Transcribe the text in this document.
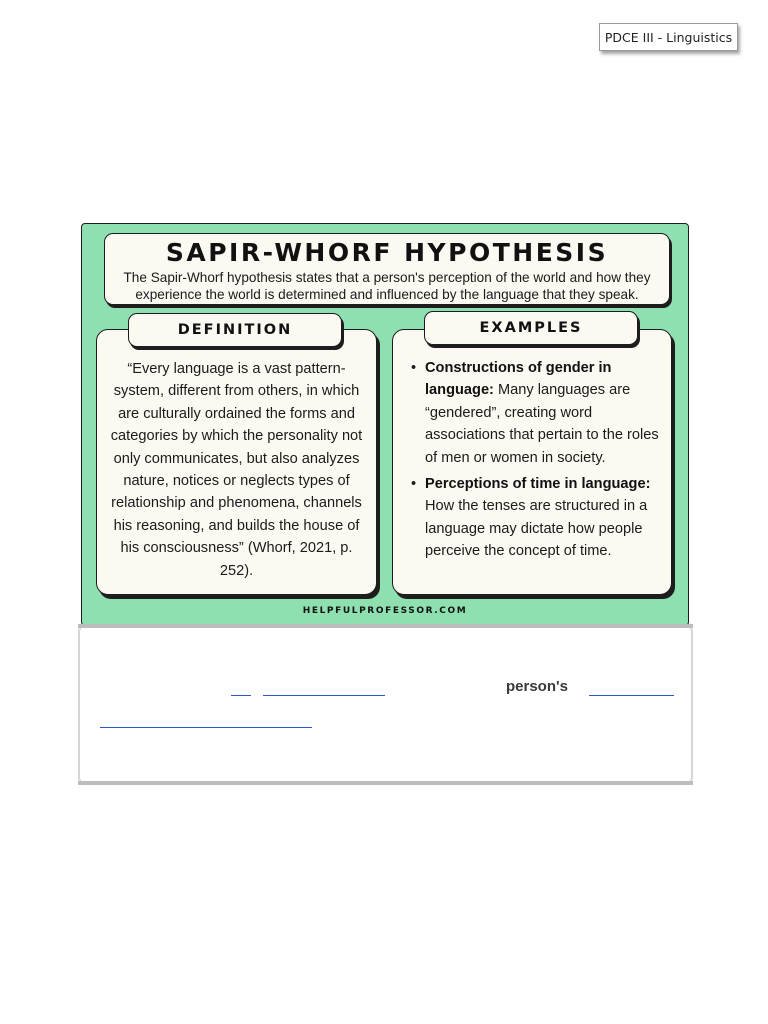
PDCE III - Linguistics
SAPIR-WHORF HYPOTHESIS

The Sapir-Whorf hypothesis states that a person's perception of the world and how they experience the world is determined and influenced by the language that they speak.

DEFINITION

“Every language is a vast pattern-system, different from others, in which are culturally ordained the forms and categories by which the personality not only communicates, but also analyzes nature, notices or neglects types of relationship and phenomena, channels his reasoning, and builds the house of his consciousness” (Whorf, 2021, p. 252).

EXAMPLES
• Constructions of gender in language: Many languages are “gendered”, creating word associations that pertain to the roles of men or women in society.
• Perceptions of time in language: How the tenses are structured in a language may dictate how people perceive the concept of time.
HELPFULPROFESSOR.COM
person's
